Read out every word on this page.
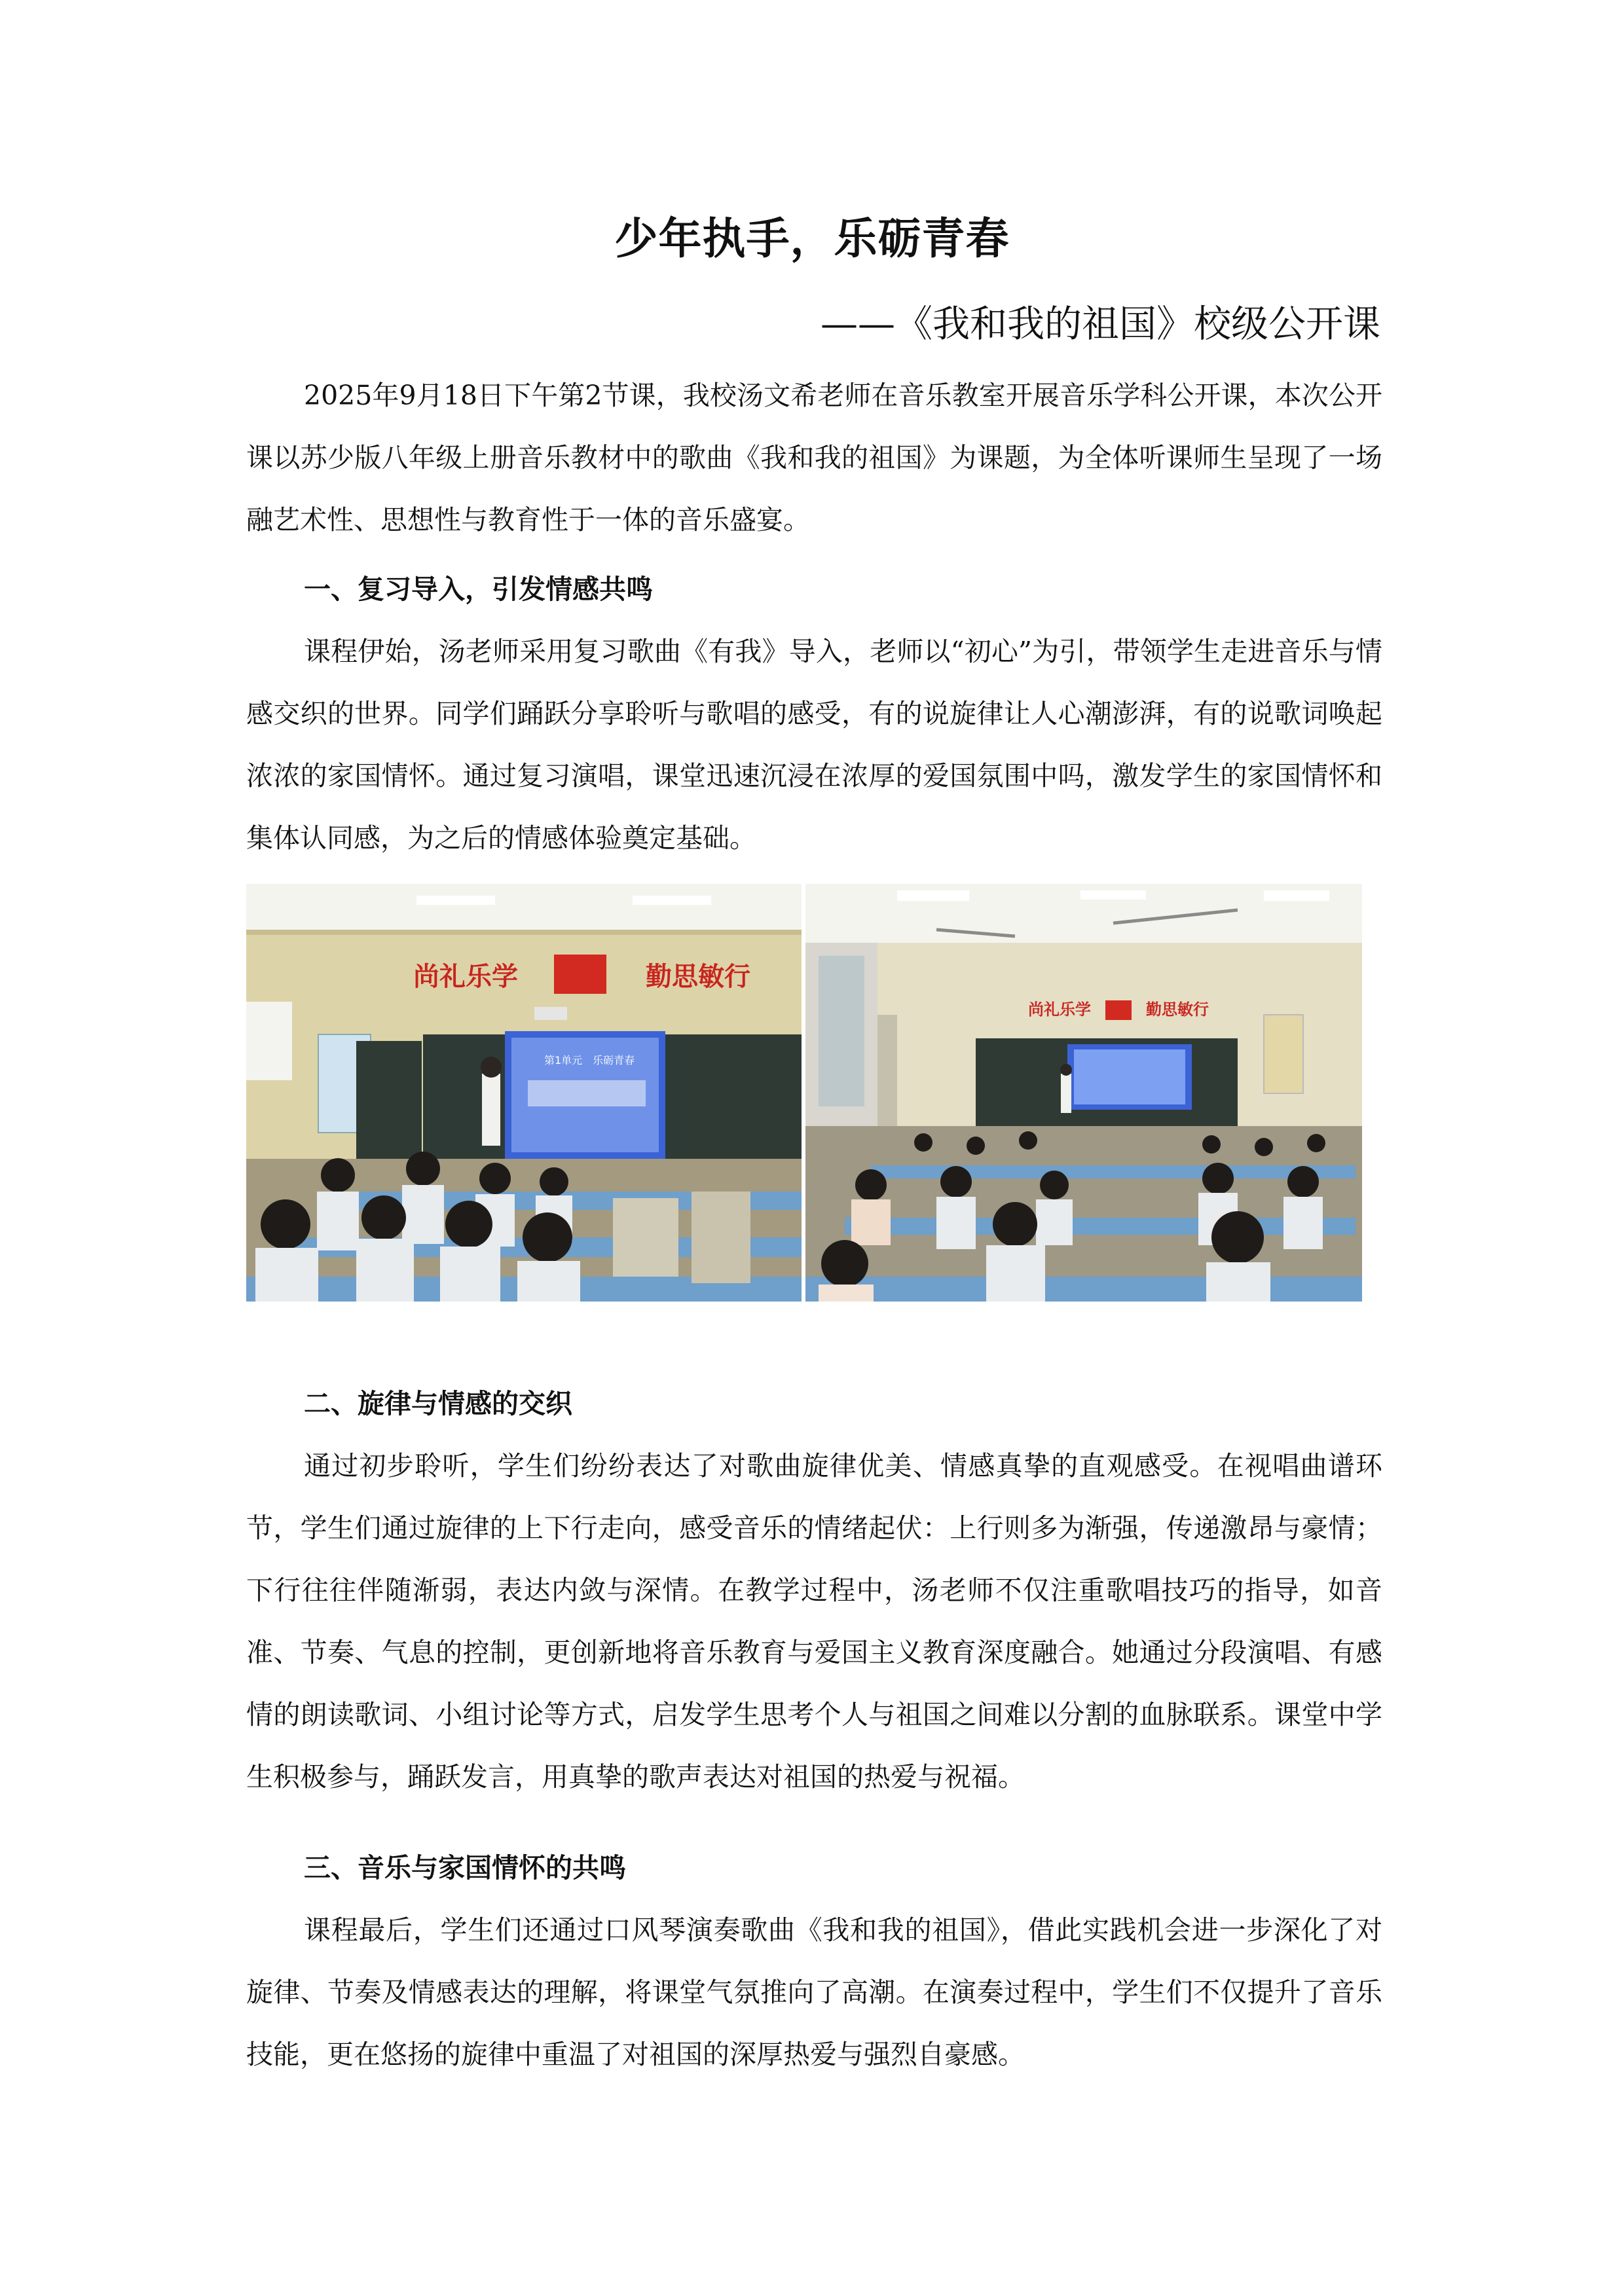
少年执手，乐砺青春

——《我和我的祖国》校级公开课

2025年9月18日下午第2节课，我校汤文希老师在音乐教室开展音乐学科公开课，本次公开课以苏少版八年级上册音乐教材中的歌曲《我和我的祖国》为课题，为全体听课师生呈现了一场融艺术性、思想性与教育性于一体的音乐盛宴。

一、复习导入，引发情感共鸣

课程伊始，汤老师采用复习歌曲《有我》导入，老师以“初心”为引，带领学生走进音乐与情感交织的世界。同学们踊跃分享聆听与歌唱的感受，有的说旋律让人心潮澎湃，有的说歌词唤起浓浓的家国情怀。通过复习演唱，课堂迅速沉浸在浓厚的爱国氛围中吗，激发学生的家国情怀和集体认同感，为之后的情感体验奠定基础。

尚礼乐学	勤思敏行
第1单元　乐砺青春
尚礼乐学	勤思敏行

二、旋律与情感的交织

通过初步聆听，学生们纷纷表达了对歌曲旋律优美、情感真挚的直观感受。在视唱曲谱环节，学生们通过旋律的上下行走向，感受音乐的情绪起伏：上行则多为渐强，传递激昂与豪情；下行往往伴随渐弱，表达内敛与深情。在教学过程中，汤老师不仅注重歌唱技巧的指导，如音准、节奏、气息的控制，更创新地将音乐教育与爱国主义教育深度融合。她通过分段演唱、有感情的朗读歌词、小组讨论等方式，启发学生思考个人与祖国之间难以分割的血脉联系。课堂中学生积极参与，踊跃发言，用真挚的歌声表达对祖国的热爱与祝福。

三、音乐与家国情怀的共鸣

课程最后，学生们还通过口风琴演奏歌曲《我和我的祖国》，借此实践机会进一步深化了对旋律、节奏及情感表达的理解，将课堂气氛推向了高潮。在演奏过程中，学生们不仅提升了音乐技能，更在悠扬的旋律中重温了对祖国的深厚热爱与强烈自豪感。
